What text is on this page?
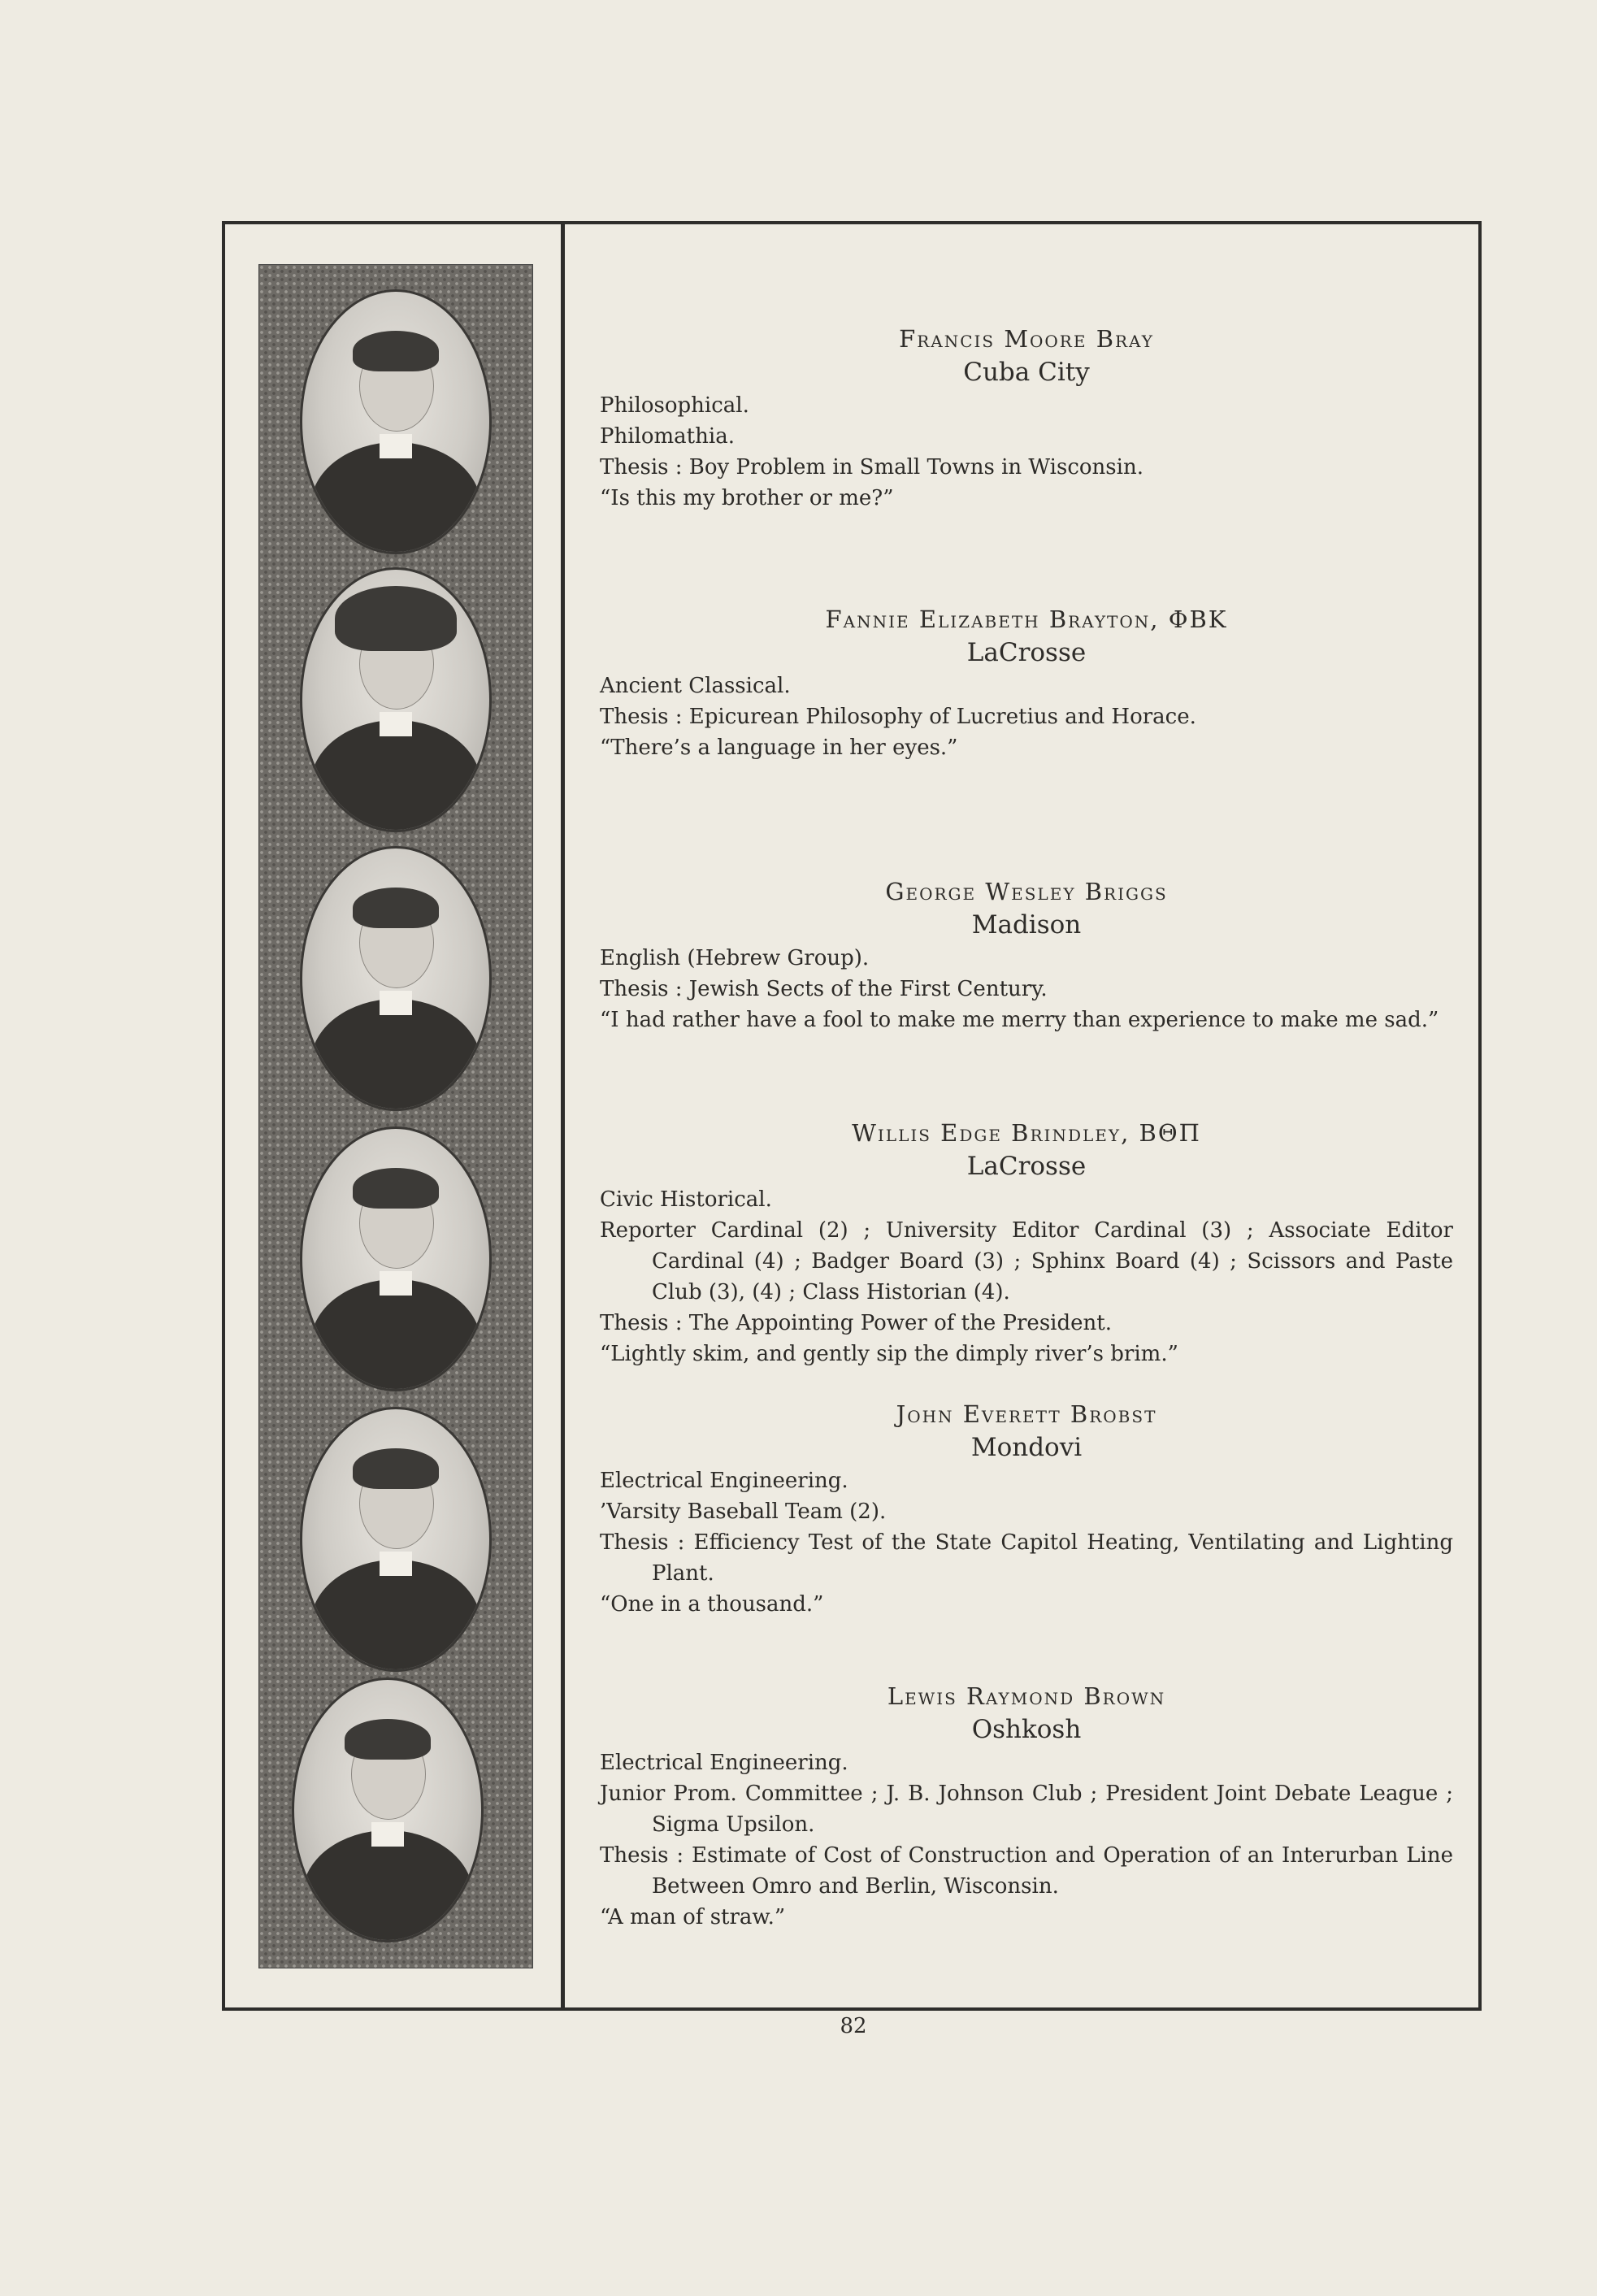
Francis Moore Bray

Cuba City

Philosophical.

Philomathia.

Thesis : Boy Problem in Small Towns in Wisconsin.

“Is this my brother or me?”

Fannie Elizabeth Brayton, ΦBK

LaCrosse

Ancient Classical.

Thesis : Epicurean Philosophy of Lucretius and Horace.

“There’s a language in her eyes.”

George Wesley Briggs

Madison

English (Hebrew Group).

Thesis : Jewish Sects of the First Century.

“I had rather have a fool to make me merry than experience to make me sad.”

Willis Edge Brindley, BΘΠ

LaCrosse

Civic Historical.

Reporter Cardinal (2) ; University Editor Cardinal (3) ; Associate Editor Cardinal (4) ; Badger Board (3) ; Sphinx Board (4) ; Scissors and Paste Club (3), (4) ; Class Historian (4).

Thesis : The Appointing Power of the President.

“Lightly skim, and gently sip the dimply river’s brim.”

John Everett Brobst

Mondovi

Electrical Engineering.

’Varsity Baseball Team (2).

Thesis : Efficiency Test of the State Capitol Heating, Ventilating and Lighting Plant.

“One in a thousand.”

Lewis Raymond Brown

Oshkosh

Electrical Engineering.

Junior Prom. Committee ; J. B. Johnson Club ; President Joint Debate League ; Sigma Upsilon.

Thesis : Estimate of Cost of Construction and Operation of an Interurban Line Between Omro and Berlin, Wisconsin.

“A man of straw.”

82
